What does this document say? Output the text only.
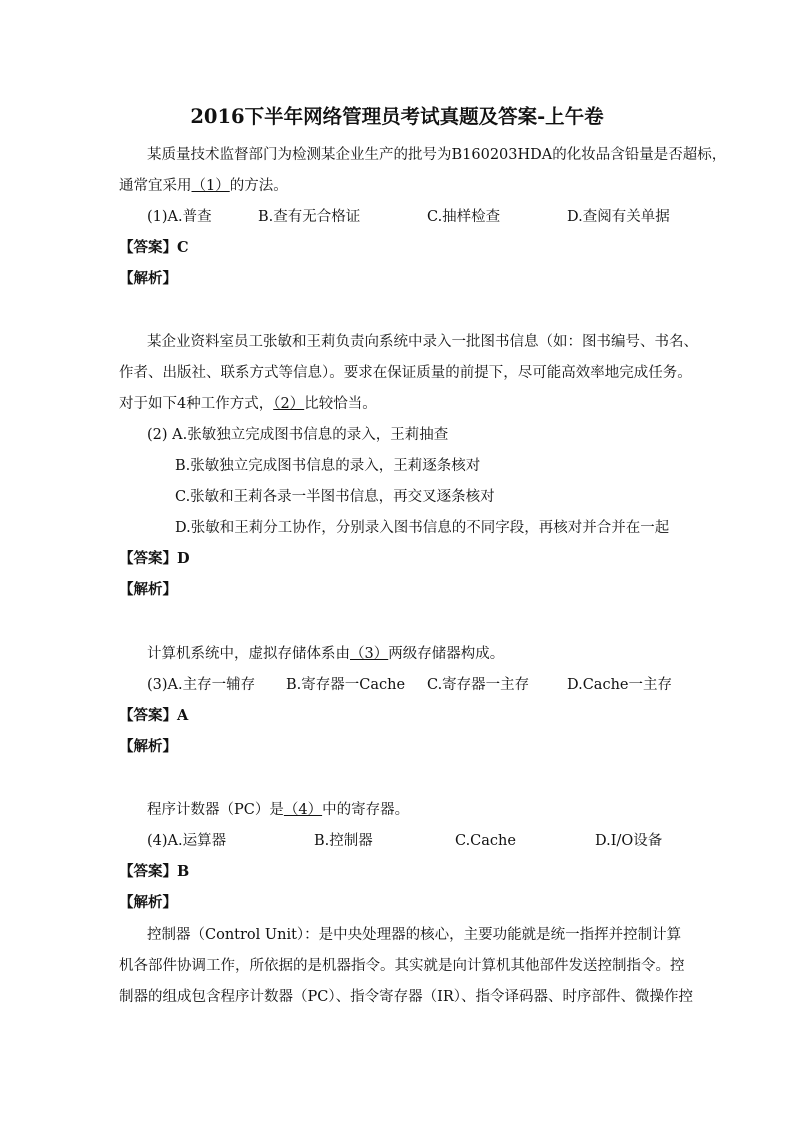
2016下半年网络管理员考试真题及答案-上午卷
某质量技术监督部门为检测某企业生产的批号为B160203HDA的化妆品含铅量是否超标，
通常宜采用（1）的方法。
(1)A.普查	B.查有无合格证	C.抽样检查	D.查阅有关单据
【答案】C
【解析】
某企业资料室员工张敏和王莉负责向系统中录入一批图书信息（如：图书编号、书名、
作者、出版社、联系方式等信息）。要求在保证质量的前提下，尽可能高效率地完成任务。
对于如下4种工作方式，（2）比较恰当。
(2) A.张敏独立完成图书信息的录入，王莉抽查
B.张敏独立完成图书信息的录入，王莉逐条核对
C.张敏和王莉各录一半图书信息，再交叉逐条核对
D.张敏和王莉分工协作，分别录入图书信息的不同字段，再核对并合并在一起
【答案】D
【解析】
计算机系统中，虚拟存储体系由（3）两级存储器构成。
(3)A.主存一辅存 B.寄存器一Cache C.寄存器一主存	D.Cache一主存
【答案】A
【解析】
程序计数器（PC）是（4）中的寄存器。
(4)A.运算器	B.控制器	C.Cache	D.I/O设备
【答案】B
【解析】
控制器（Control Unit）：是中央处理器的核心，主要功能就是统一指挥并控制计算
机各部件协调工作，所依据的是机器指令。其实就是向计算机其他部件发送控制指令。控
制器的组成包含程序计数器（PC）、指令寄存器（IR）、指令译码器、时序部件、微操作控
